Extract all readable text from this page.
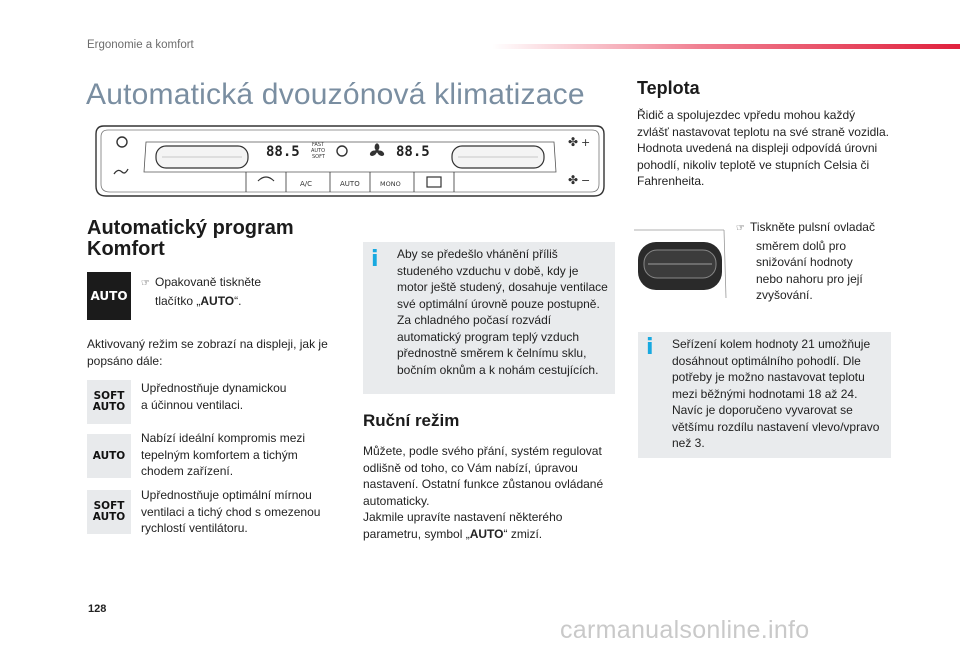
Ergonomie a komfort
Automatická dvouzónová klimatizace
88.5	88.5
FAST
AUTO
SOFT
✤ +
✤ −
A/C	AUTO	MONO
Automatický program
Komfort
AUTO
☞ Opakovaně tiskněte
tlačítko „AUTO“.
Aktivovaný režim se zobrazí na displeji, jak je
popsáno dále:
SOFT
AUTO
Upřednostňuje dynamickou
a účinnou ventilaci.
AUTO
Nabízí ideální kompromis mezi
tepelným komfortem a tichým
chodem zařízení.
SOFT
AUTO
Upřednostňuje optimální mírnou
ventilaci a tichý chod s omezenou
rychlostí ventilátoru.
i Aby se předešlo vhánění příliš
studeného vzduchu v době, kdy je
motor ještě studený, dosahuje ventilace
své optimální úrovně pouze postupně.
Za chladného počasí rozvádí
automatický program teplý vzduch
přednostně směrem k čelnímu sklu,
bočním oknům a k nohám cestujících.
Ruční režim
Můžete, podle svého přání, systém regulovat
odlišně od toho, co Vám nabízí, úpravou
nastavení. Ostatní funkce zůstanou ovládané
automaticky.
Jakmile upravíte nastavení některého
parametru, symbol „AUTO“ zmizí.
Teplota
Řidič a spolujezdec vpředu mohou každý
zvlášť nastavovat teplotu na své straně vozidla.
Hodnota uvedená na displeji odpovídá úrovni
pohodlí, nikoliv teplotě ve stupních Celsia či
Fahrenheita.
☞ Tiskněte pulsní ovladač
směrem dolů pro
snižování hodnoty
nebo nahoru pro její
zvyšování.
i Seřízení kolem hodnoty 21 umožňuje
dosáhnout optimálního pohodlí. Dle
potřeby je možno nastavovat teplotu
mezi běžnými hodnotami 18 až 24.
Navíc je doporučeno vyvarovat se
většímu rozdílu nastavení vlevo/vpravo
než 3.
128
carmanualsonline.info
